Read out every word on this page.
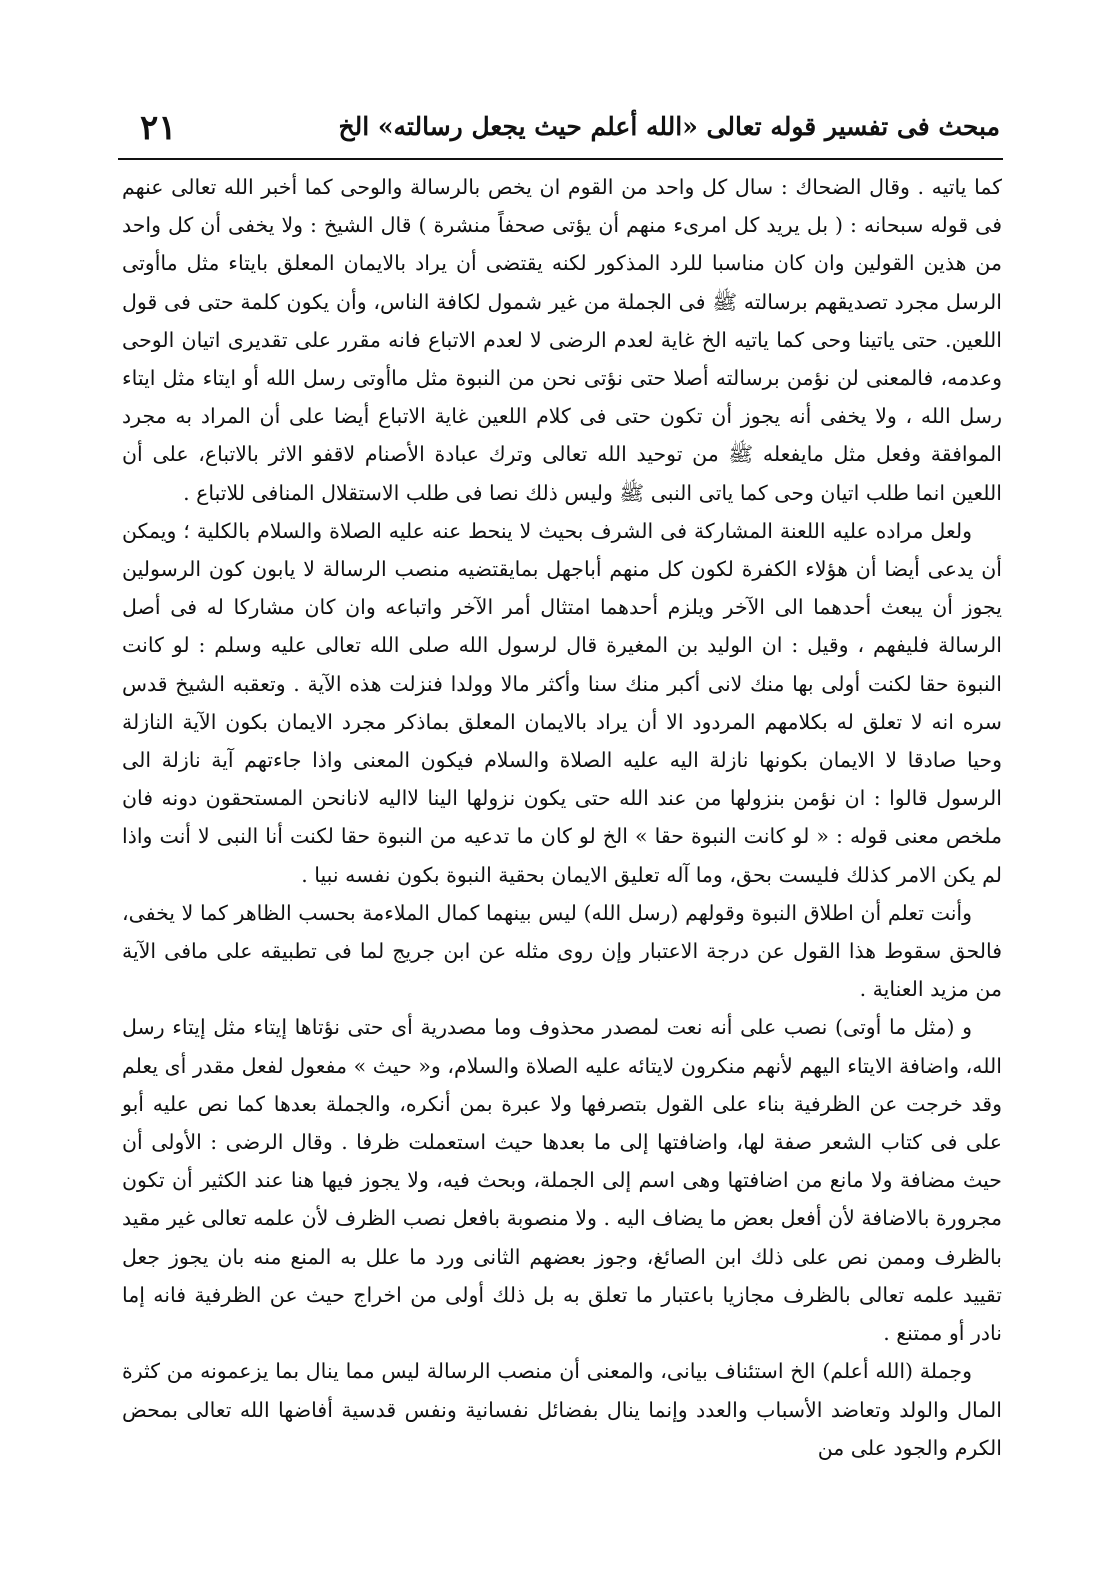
مبحث فى تفسير قوله تعالى «الله أعلم حيث يجعل رسالته» الخ
٢١

كما ياتيه . وقال الضحاك : سال كل واحد من القوم ان يخص بالرسالة والوحى كما أخبر الله تعالى عنهم فى قوله سبحانه : ( بل يريد كل امرىء منهم أن يؤتى صحفاً منشرة ) قال الشيخ : ولا يخفى أن كل واحد من هذين القولين وان كان مناسبا للرد المذكور لكنه يقتضى أن يراد بالايمان المعلق بايتاء مثل ماأوتى الرسل مجرد تصديقهم برسالته ﷺ فى الجملة من غير شمول لكافة الناس، وأن يكون كلمة حتى فى قول اللعين. حتى ياتينا وحى كما ياتيه الخ غاية لعدم الرضى لا لعدم الاتباع فانه مقرر على تقديرى اتيان الوحى وعدمه، فالمعنى لن نؤمن برسالته أصلا حتى نؤتى نحن من النبوة مثل ماأوتى رسل الله أو ايتاء مثل ايتاء رسل الله ، ولا يخفى أنه يجوز أن تكون حتى فى كلام اللعين غاية الاتباع أيضا على أن المراد به مجرد الموافقة وفعل مثل مايفعله ﷺ من توحيد الله تعالى وترك عبادة الأصنام لاقفو الاثر بالاتباع، على أن اللعين انما طلب اتيان وحى كما ياتى النبى ﷺ وليس ذلك نصا فى طلب الاستقلال المنافى للاتباع .

ولعل مراده عليه اللعنة المشاركة فى الشرف بحيث لا ينحط عنه عليه الصلاة والسلام بالكلية ؛ ويمكن أن يدعى أيضا أن هؤلاء الكفرة لكون كل منهم أباجهل بمايقتضيه منصب الرسالة لا يابون كون الرسولين يجوز أن يبعث أحدهما الى الآخر ويلزم أحدهما امتثال أمر الآخر واتباعه وان كان مشاركا له فى أصل الرسالة فليفهم ، وقيل : ان الوليد بن المغيرة قال لرسول الله صلى الله تعالى عليه وسلم : لو كانت النبوة حقا لكنت أولى بها منك لانى أكبر منك سنا وأكثر مالا وولدا فنزلت هذه الآية . وتعقبه الشيخ قدس سره انه لا تعلق له بكلامهم المردود الا أن يراد بالايمان المعلق بماذكر مجرد الايمان بكون الآية النازلة وحيا صادقا لا الايمان بكونها نازلة اليه عليه الصلاة والسلام فيكون المعنى واذا جاءتهم آية نازلة الى الرسول قالوا : ان نؤمن بنزولها من عند الله حتى يكون نزولها الينا لااليه لانانحن المستحقون دونه فان ملخص معنى قوله : « لو كانت النبوة حقا » الخ لو كان ما تدعيه من النبوة حقا لكنت أنا النبى لا أنت واذا لم يكن الامر كذلك فليست بحق، وما آله تعليق الايمان بحقية النبوة بكون نفسه نبيا .

وأنت تعلم أن اطلاق النبوة وقولهم (رسل الله) ليس بينهما كمال الملاءمة بحسب الظاهر كما لا يخفى، فالحق سقوط هذا القول عن درجة الاعتبار وإن روى مثله عن ابن جريج لما فى تطبيقه على مافى الآية من مزيد العناية .

و (مثل ما أوتى) نصب على أنه نعت لمصدر محذوف وما مصدرية أى حتى نؤتاها إيتاء مثل إيتاء رسل الله، واضافة الايتاء اليهم لأنهم منكرون لايتائه عليه الصلاة والسلام، و« حيث » مفعول لفعل مقدر أى يعلم وقد خرجت عن الظرفية بناء على القول بتصرفها ولا عبرة بمن أنكره، والجملة بعدها كما نص عليه أبو على فى كتاب الشعر صفة لها، واضافتها إلى ما بعدها حيث استعملت ظرفا . وقال الرضى : الأولى أن حيث مضافة ولا مانع من اضافتها وهى اسم إلى الجملة، وبحث فيه، ولا يجوز فيها هنا عند الكثير أن تكون مجرورة بالاضافة لأن أفعل بعض ما يضاف اليه . ولا منصوبة بافعل نصب الظرف لأن علمه تعالى غير مقيد بالظرف وممن نص على ذلك ابن الصائغ، وجوز بعضهم الثانى ورد ما علل به المنع منه بان يجوز جعل تقييد علمه تعالى بالظرف مجازيا باعتبار ما تعلق به بل ذلك أولى من اخراج حيث عن الظرفية فانه إما نادر أو ممتنع .

وجملة (الله أعلم) الخ استئناف بيانى، والمعنى أن منصب الرسالة ليس مما ينال بما يزعمونه من كثرة المال والولد وتعاضد الأسباب والعدد وإنما ينال بفضائل نفسانية ونفس قدسية أفاضها الله تعالى بمحض الكرم والجود على من
